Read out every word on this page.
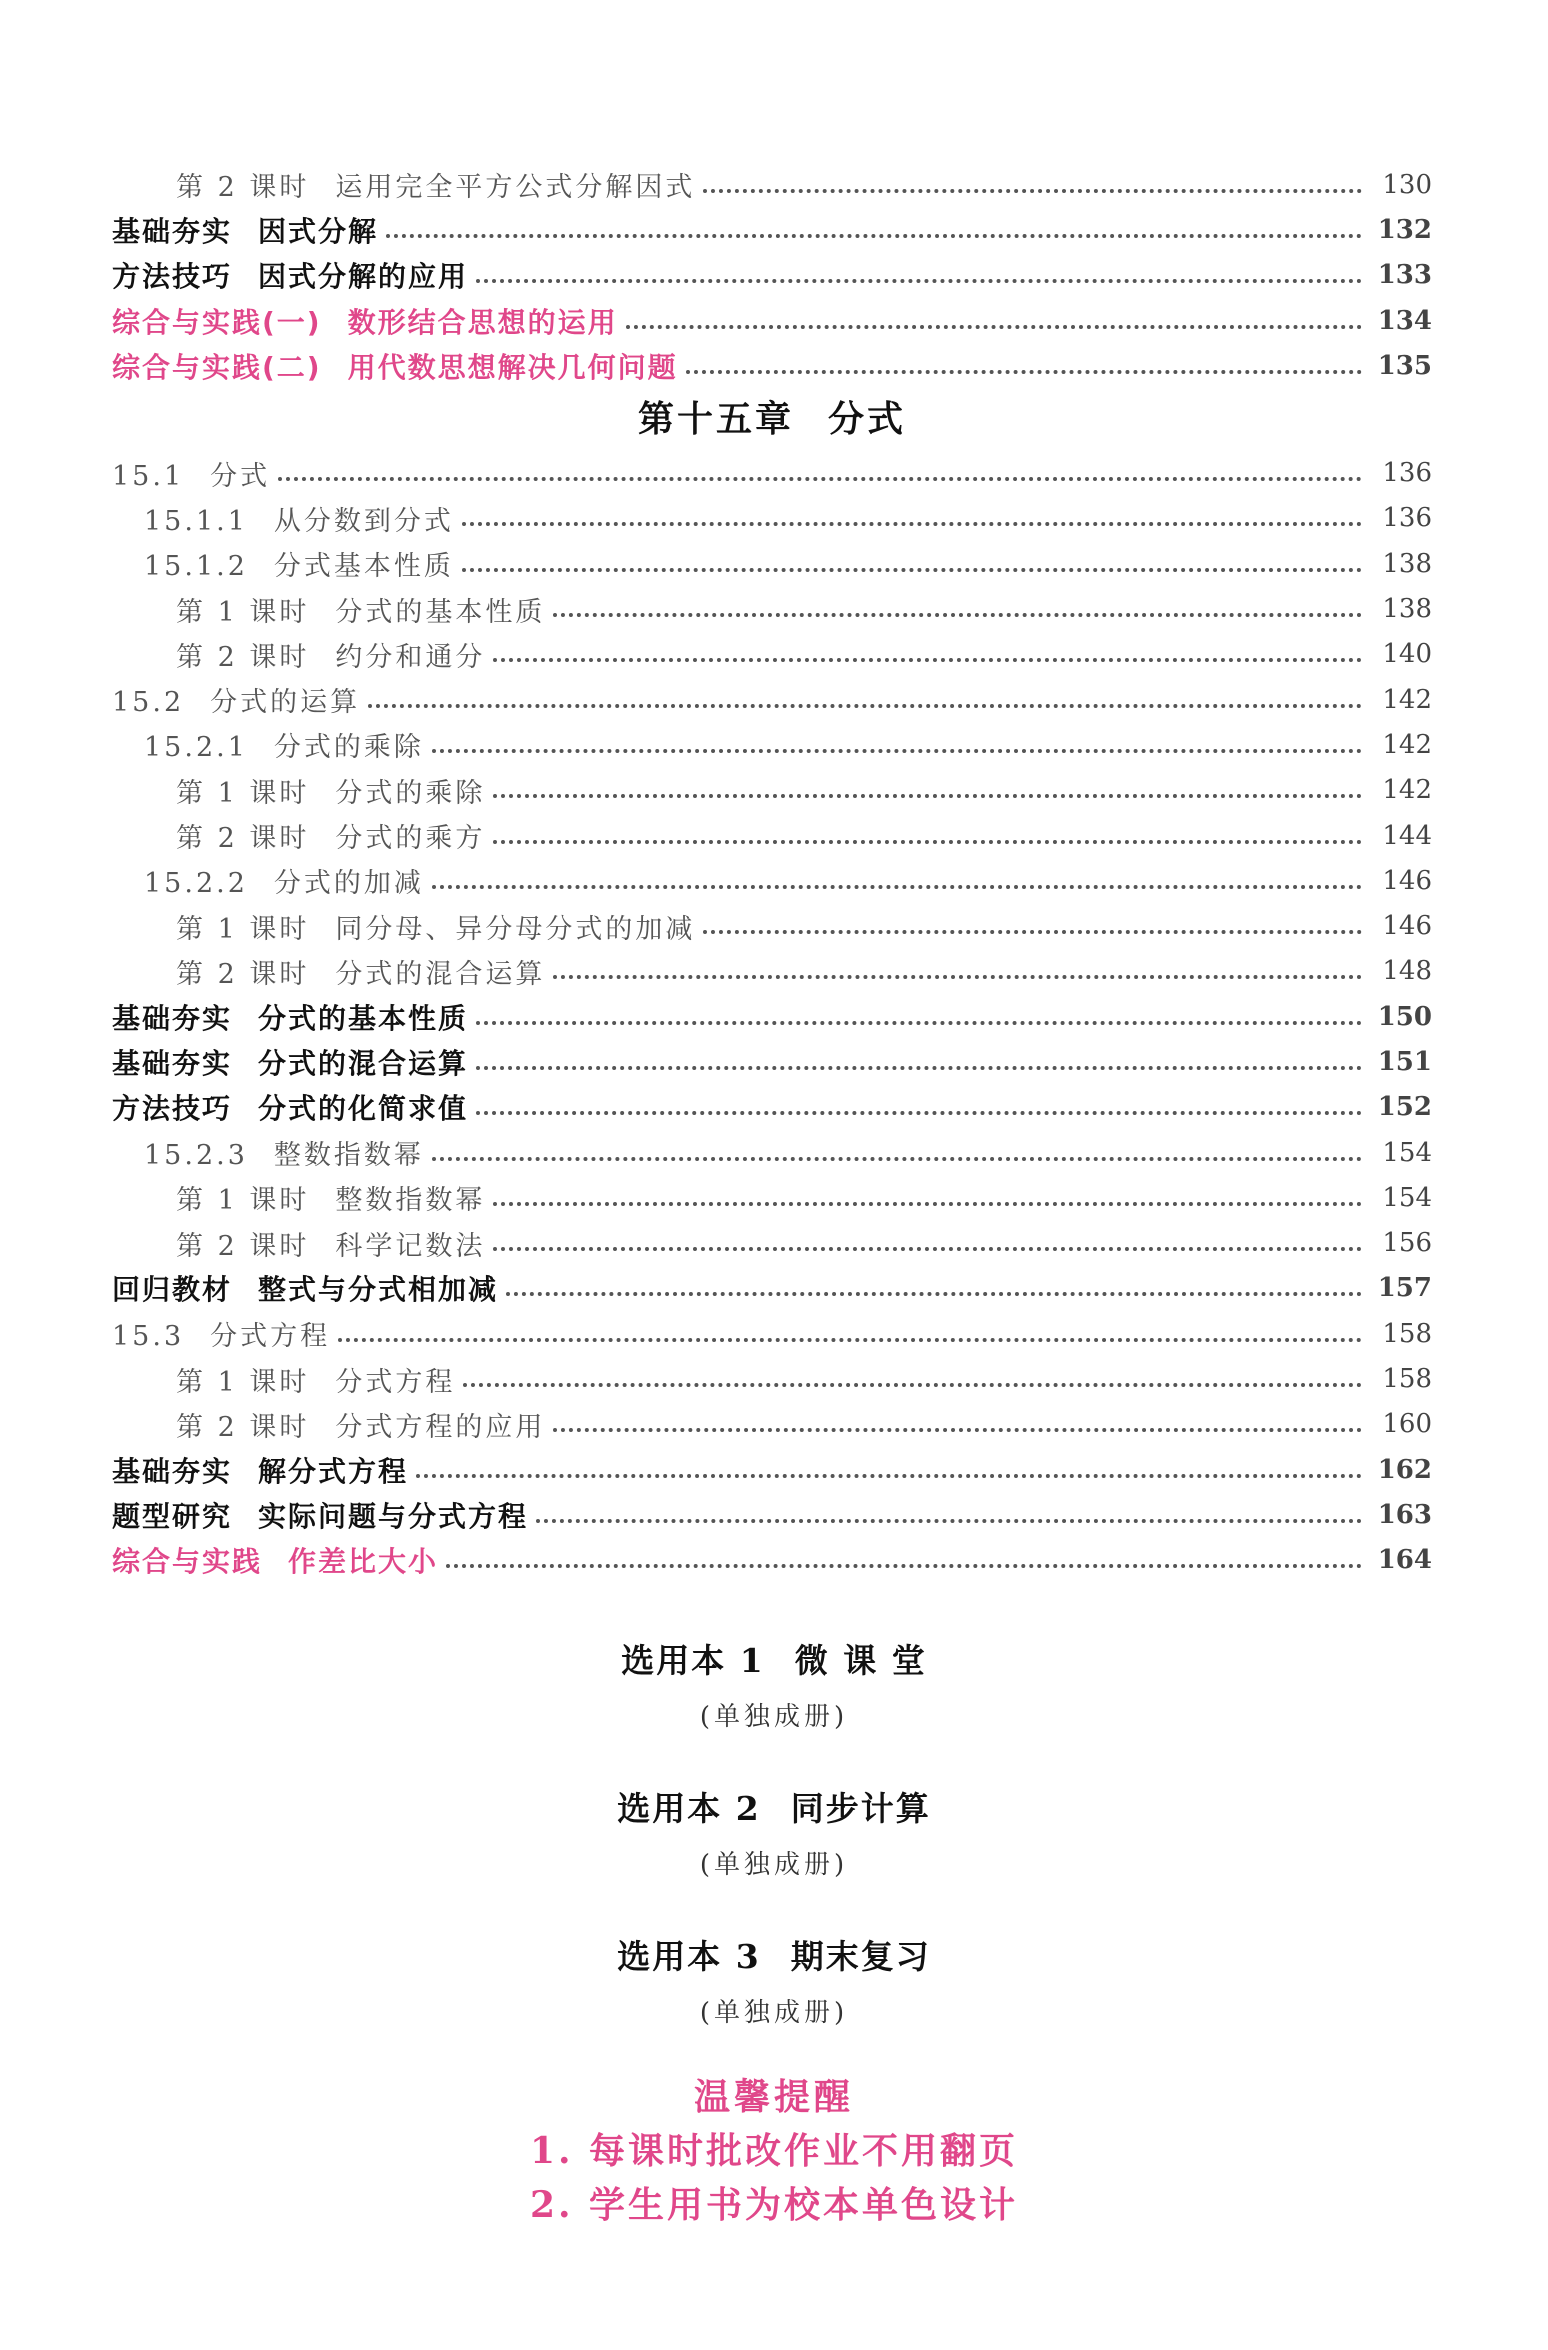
第 2 课时 运用完全平方公式分解因式	130
基础夯实 因式分解	132
方法技巧 因式分解的应用	133
综合与实践(一) 数形结合思想的运用	134
综合与实践(二) 用代数思想解决几何问题	135
第十五章 分式
15.1 分式	136
15.1.1 从分数到分式	136
15.1.2 分式基本性质	138
第 1 课时 分式的基本性质	138
第 2 课时 约分和通分	140
15.2 分式的运算	142
15.2.1 分式的乘除	142
第 1 课时 分式的乘除	142
第 2 课时 分式的乘方	144
15.2.2 分式的加减	146
第 1 课时 同分母、异分母分式的加减	146
第 2 课时 分式的混合运算	148
基础夯实 分式的基本性质	150
基础夯实 分式的混合运算	151
方法技巧 分式的化简求值	152
15.2.3 整数指数幂	154
第 1 课时 整数指数幂	154
第 2 课时 科学记数法	156
回归教材 整式与分式相加减	157
15.3 分式方程	158
第 1 课时 分式方程	158
第 2 课时 分式方程的应用	160
基础夯实 解分式方程	162
题型研究 实际问题与分式方程	163
综合与实践 作差比大小	164
选用本 1 微 课 堂
(单独成册)
选用本 2 同步计算
(单独成册)
选用本 3 期末复习
(单独成册)
温馨提醒
1. 每课时批改作业不用翻页
2. 学生用书为校本单色设计
